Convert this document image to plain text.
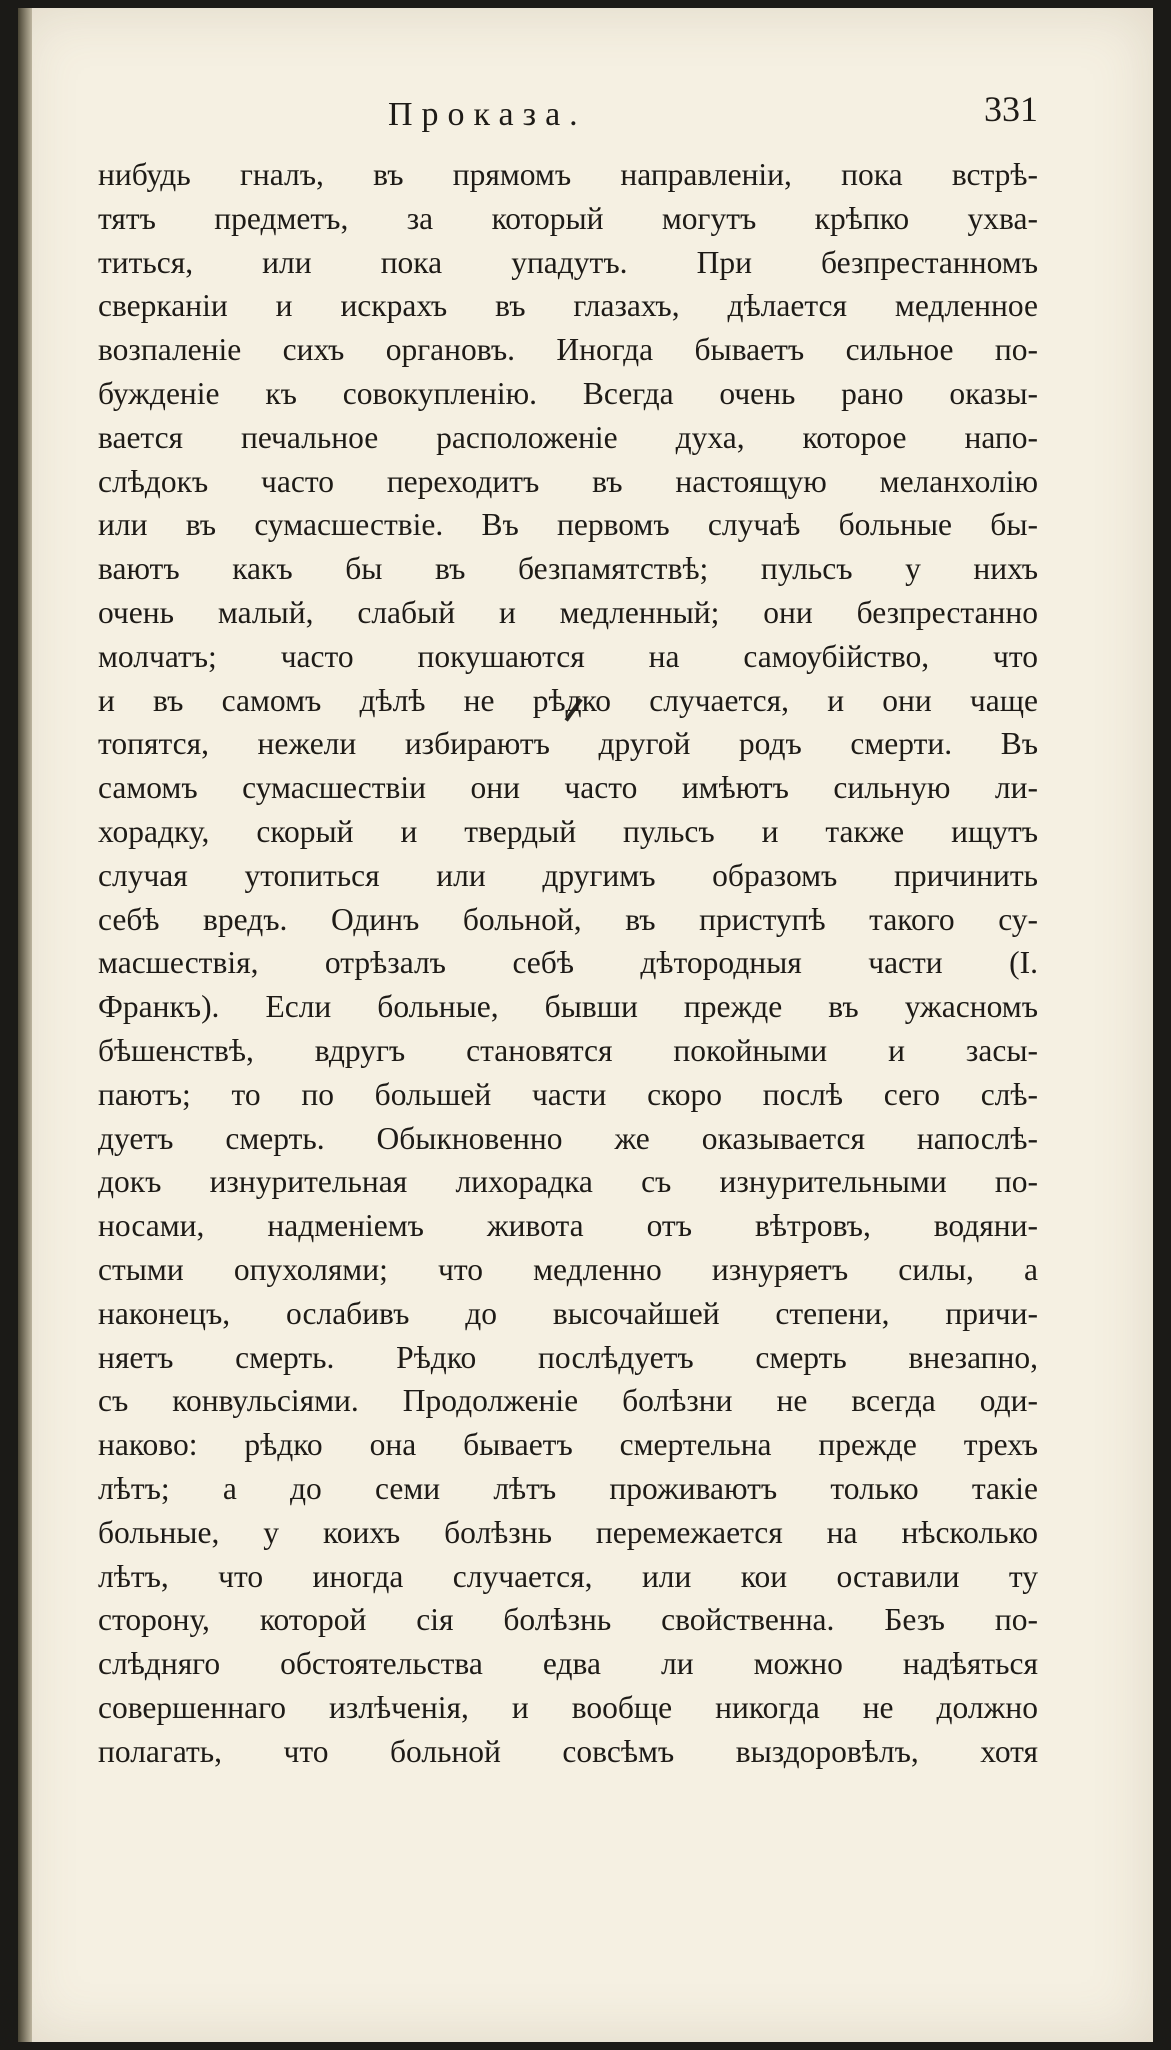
Проказа.	331
нибудь гналъ, въ прямомъ направленіи, пока встрѣ-
тятъ предметъ, за который могутъ крѣпко ухва-
титься, или пока упадутъ. При безпрестанномъ
сверканіи и искрахъ въ глазахъ, дѣлается медленное
возпаленіе сихъ органовъ. Иногда бываетъ сильное по-
бужденіе къ совокупленію. Всегда очень рано оказы-
вается печальное расположеніе духа, которое напо-
слѣдокъ часто переходитъ въ настоящую меланхолію
или въ сумасшествіе. Въ первомъ случаѣ больные бы-
ваютъ какъ бы въ безпамятствѣ; пульсъ у нихъ
очень малый, слабый и медленный; они безпрестанно
молчатъ; часто покушаются на самоубійство, что
и въ самомъ дѣлѣ не рѣдко случается, и они чаще
топятся, нежели избираютъ другой родъ смерти. Въ
самомъ сумасшествіи они часто имѣютъ сильную ли-
хорадку, скорый и твердый пульсъ и также ищутъ
случая утопиться или другимъ образомъ причинить
себѣ вредъ. Одинъ больной, въ приступѣ такого су-
масшествія, отрѣзалъ себѣ дѣтородныя части (I.
Франкъ). Если больные, бывши прежде въ ужасномъ
бѣшенствѣ, вдругъ становятся покойными и засы-
паютъ; то по большей части скоро послѣ сего слѣ-
дуетъ смерть. Обыкновенно же оказывается напослѣ-
докъ изнурительная лихорадка съ изнурительными по-
носами, надменіемъ живота отъ вѣтровъ, водяни-
стыми опухолями; что медленно изнуряетъ силы, а
наконецъ, ослабивъ до высочайшей степени, причи-
няетъ смерть. Рѣдко послѣдуетъ смерть внезапно,
съ конвульсіями. Продолженіе болѣзни не всегда оди-
наково: рѣдко она бываетъ смертельна прежде трехъ
лѣтъ; а до семи лѣтъ проживаютъ только такіе
больные, у коихъ болѣзнь перемежается на нѣсколько
лѣтъ, что иногда случается, или кои оставили ту
сторону, которой сія болѣзнь свойственна. Безъ по-
слѣдняго обстоятельства едва ли можно надѣяться
совершеннаго излѣченія, и вообще никогда не должно
полагать, что больной совсѣмъ выздоровѣлъ, хотя
